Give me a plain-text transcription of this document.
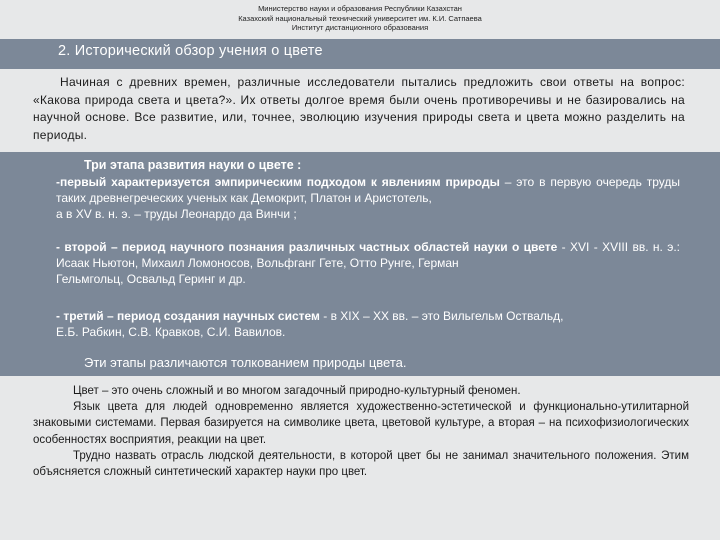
Министерство науки и образования Республики Казахстан
Казахский национальный технический университет им. К.И. Сатпаева
Институт дистанционного образования
2. Исторический обзор учения о цвете

Начиная с древних времен, различные исследователи пытались предложить свои ответы на вопрос: «Какова природа света и цвета?». Их ответы долгое время были очень противоречивы и не базировались на научной основе. Все развитие, или, точнее, эволюцию изучения природы света и цвета можно разделить на периоды.

Три этапа развития науки о цвете :

-первый характеризуется эмпирическим подходом к явлениям природы – это в первую очередь труды таких древнегреческих ученых как Демокрит, Платон и Аристотель,

а в XV в. н. э. – труды Леонардо да Винчи ;

- второй – период научного познания различных частных областей науки о цвете - XVI - XVIII вв. н. э.: Исаак Ньютон, Михаил Ломоносов, Вольфганг Гете, Отто Рунге, Герман

Гельмгольц, Освальд Геринг и др.

- третий – период создания научных систем - в XIX – XX вв. – это Вильгельм Оствальд,

Е.Б. Рабкин, С.В. Кравков, С.И. Вавилов.

Эти этапы различаются толкованием природы цвета.

Цвет – это очень сложный и во многом загадочный природно-культурный феномен.

Язык цвета для людей одновременно является художественно-эстетической и функционально-утилитарной знаковыми системами. Первая базируется на символике цвета, цветовой культуре, а вторая – на психофизиологических особенностях восприятия, реакции на цвет.

Трудно назвать отрасль людской деятельности, в которой цвет бы не занимал значительного положения. Этим объясняется сложный синтетический характер науки про цвет.
